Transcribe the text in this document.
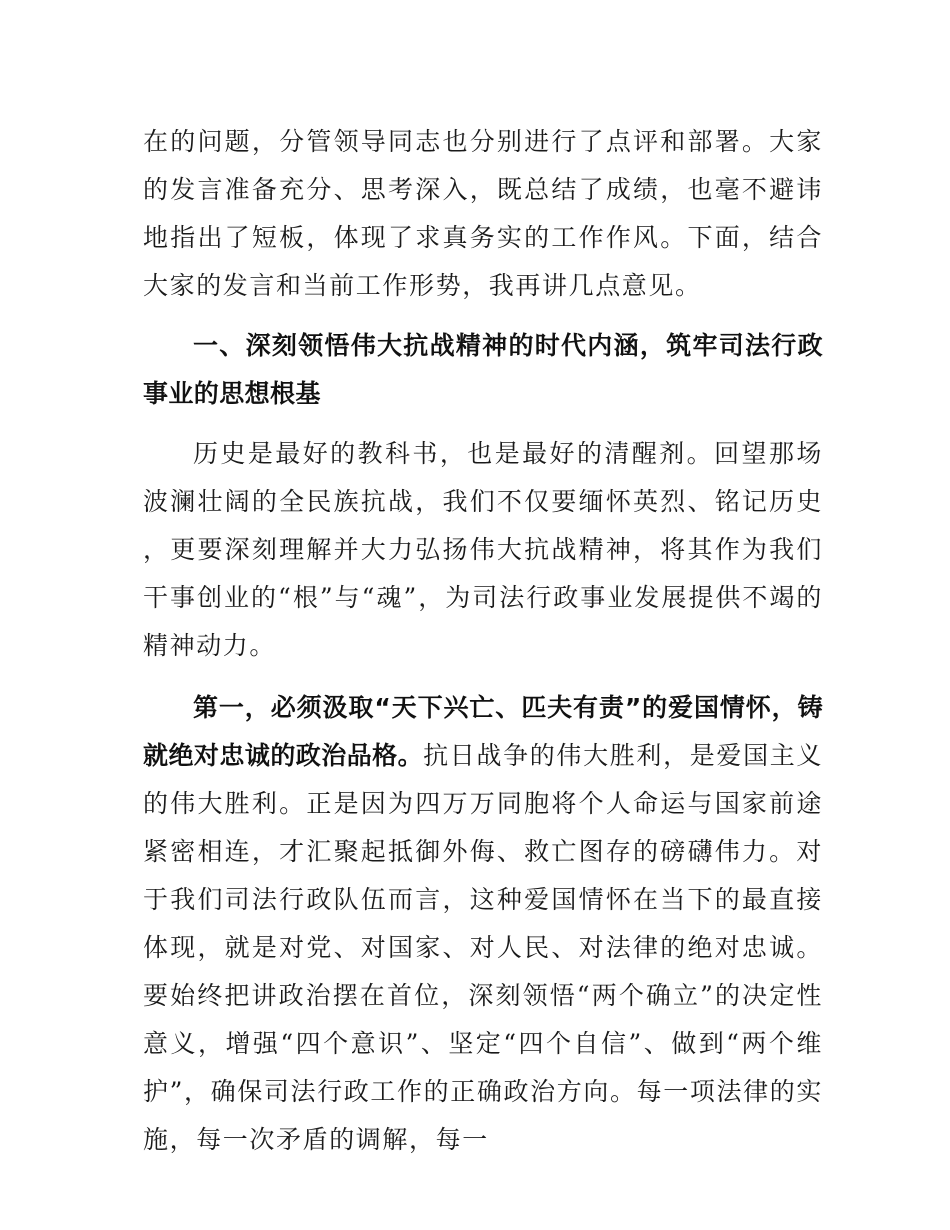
在的问题，分管领导同志也分别进行了点评和部署。大家的发言准备充分、思考深入，既总结了成绩，也毫不避讳地指出了短板，体现了求真务实的工作作风。下面，结合大家的发言和当前工作形势，我再讲几点意见。

一、深刻领悟伟大抗战精神的时代内涵，筑牢司法行政事业的思想根基

历史是最好的教科书，也是最好的清醒剂。回望那场波澜壮阔的全民族抗战，我们不仅要缅怀英烈、铭记历史，更要深刻理解并大力弘扬伟大抗战精神，将其作为我们干事创业的“根”与“魂”，为司法行政事业发展提供不竭的精神动力。

第一，必须汲取“天下兴亡、匹夫有责”的爱国情怀，铸就绝对忠诚的政治品格。抗日战争的伟大胜利，是爱国主义的伟大胜利。正是因为四万万同胞将个人命运与国家前途紧密相连，才汇聚起抵御外侮、救亡图存的磅礴伟力。对于我们司法行政队伍而言，这种爱国情怀在当下的最直接体现，就是对党、对国家、对人民、对法律的绝对忠诚。要始终把讲政治摆在首位，深刻领悟“两个确立”的决定性意义，增强“四个意识”、坚定“四个自信”、做到“两个维护”，确保司法行政工作的正确政治方向。每一项法律的实施，每一次矛盾的调解，每一
